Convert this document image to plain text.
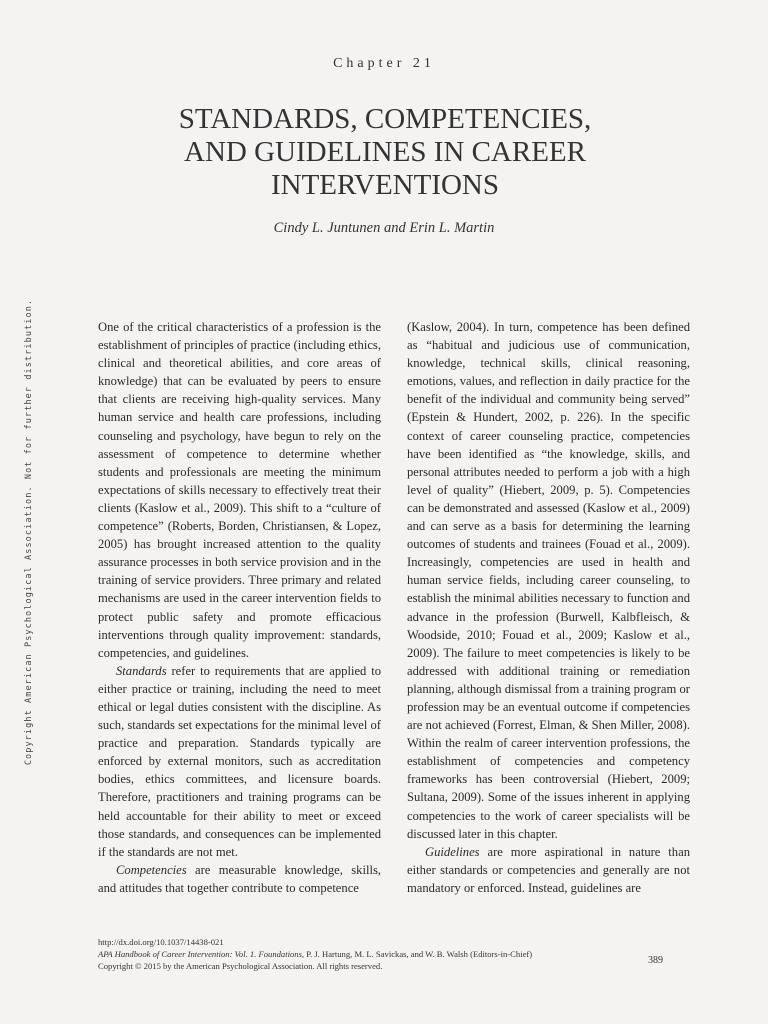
Copyright American Psychological Association. Not for further distribution.
Chapter 21
STANDARDS, COMPETENCIES, AND GUIDELINES IN CAREER INTERVENTIONS
Cindy L. Juntunen and Erin L. Martin

One of the critical characteristics of a profession is the establishment of principles of practice (including ethics, clinical and theoretical abilities, and core areas of knowledge) that can be evaluated by peers to ensure that clients are receiving high-quality services. Many human service and health care professions, including counseling and psychology, have begun to rely on the assessment of competence to determine whether students and professionals are meeting the minimum expectations of skills necessary to effectively treat their clients (Kaslow et al., 2009). This shift to a “culture of competence” (Roberts, Borden, Christiansen, & Lopez, 2005) has brought increased attention to the quality assurance processes in both service provision and in the training of service providers. Three primary and related mechanisms are used in the career intervention fields to protect public safety and promote efficacious interventions through quality improvement: standards, competencies, and guidelines.

Standards refer to requirements that are applied to either practice or training, including the need to meet ethical or legal duties consistent with the discipline. As such, standards set expectations for the minimal level of practice and preparation. Standards typically are enforced by external monitors, such as accreditation bodies, ethics committees, and licensure boards. Therefore, practitioners and training programs can be held accountable for their ability to meet or exceed those standards, and consequences can be implemented if the standards are not met.

Competencies are measurable knowledge, skills, and attitudes that together contribute to competence

(Kaslow, 2004). In turn, competence has been defined as “habitual and judicious use of communication, knowledge, technical skills, clinical reasoning, emotions, values, and reflection in daily practice for the benefit of the individual and community being served” (Epstein & Hundert, 2002, p. 226). In the specific context of career counseling practice, competencies have been identified as “the knowledge, skills, and personal attributes needed to perform a job with a high level of quality” (Hiebert, 2009, p. 5). Competencies can be demonstrated and assessed (Kaslow et al., 2009) and can serve as a basis for determining the learning outcomes of students and trainees (Fouad et al., 2009). Increasingly, competencies are used in health and human service fields, including career counseling, to establish the minimal abilities necessary to function and advance in the profession (Burwell, Kalbfleisch, & Woodside, 2010; Fouad et al., 2009; Kaslow et al., 2009). The failure to meet competencies is likely to be addressed with additional training or remediation planning, although dismissal from a training program or profession may be an eventual outcome if competencies are not achieved (Forrest, Elman, & Shen Miller, 2008). Within the realm of career intervention professions, the establishment of competencies and competency frameworks has been controversial (Hiebert, 2009; Sultana, 2009). Some of the issues inherent in applying competencies to the work of career specialists will be discussed later in this chapter.

Guidelines are more aspirational in nature than either standards or competencies and generally are not mandatory or enforced. Instead, guidelines are

http://dx.doi.org/10.1037/14438-021
APA Handbook of Career Intervention: Vol. 1. Foundations, P. J. Hartung, M. L. Savickas, and W. B. Walsh (Editors-in-Chief)
Copyright © 2015 by the American Psychological Association. All rights reserved.	389
